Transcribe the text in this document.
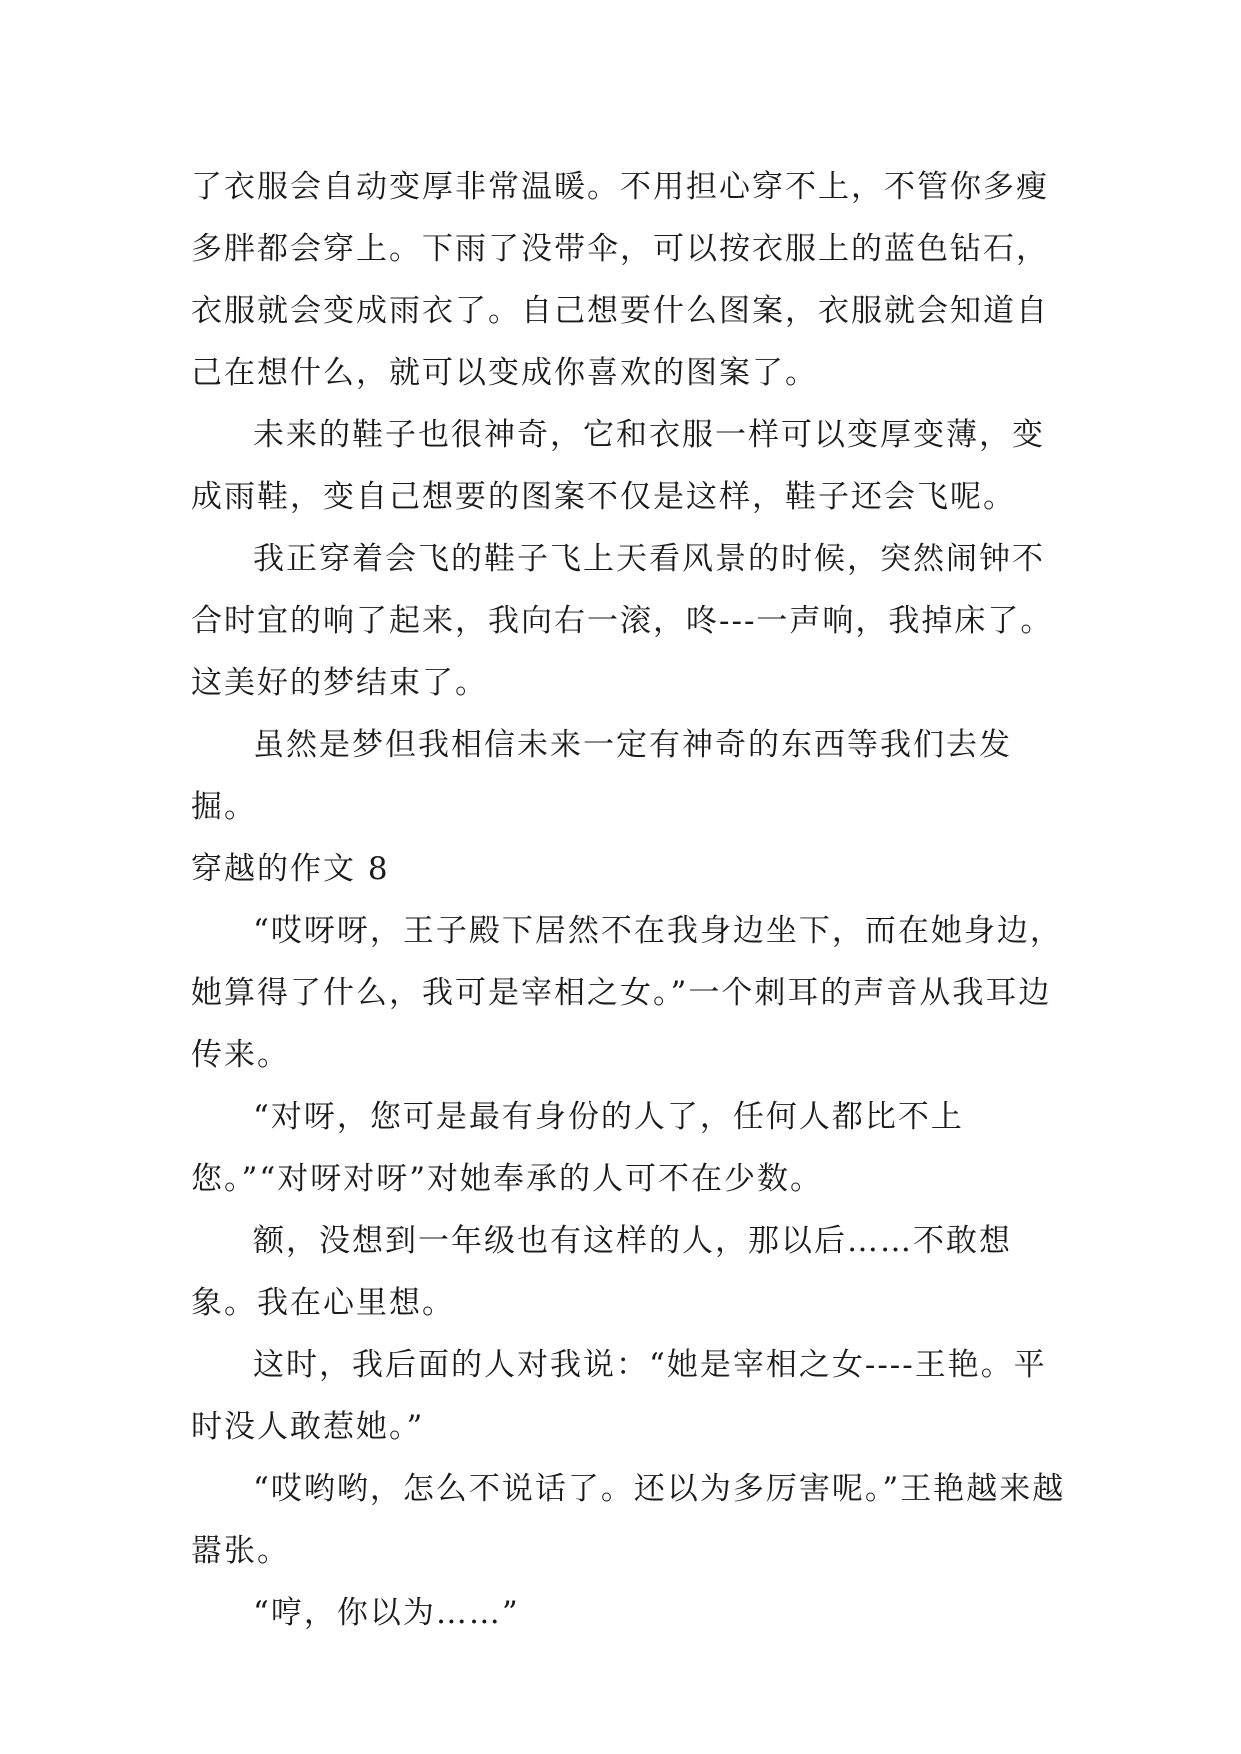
了衣服会自动变厚非常温暖。不用担心穿不上，不管你多瘦多胖都会穿上。下雨了没带伞，可以按衣服上的蓝色钻石，衣服就会变成雨衣了。自己想要什么图案，衣服就会知道自己在想什么，就可以变成你喜欢的图案了。

未来的鞋子也很神奇，它和衣服一样可以变厚变薄，变成雨鞋，变自己想要的图案不仅是这样，鞋子还会飞呢。

我正穿着会飞的鞋子飞上天看风景的时候，突然闹钟不合时宜的响了起来，我向右一滚，咚---一声响，我掉床了。这美好的梦结束了。

虽然是梦但我相信未来一定有神奇的东西等我们去发掘。

穿越的作文 8

“哎呀呀，王子殿下居然不在我身边坐下，而在她身边，她算得了什么，我可是宰相之女。”一个刺耳的声音从我耳边传来。

“对呀，您可是最有身份的人了，任何人都比不上您。”“对呀对呀”对她奉承的人可不在少数。

额，没想到一年级也有这样的人，那以后……不敢想象。我在心里想。

这时，我后面的人对我说：“她是宰相之女----王艳。平时没人敢惹她。”

“哎哟哟，怎么不说话了。还以为多厉害呢。”王艳越来越嚣张。

“哼，你以为……”
